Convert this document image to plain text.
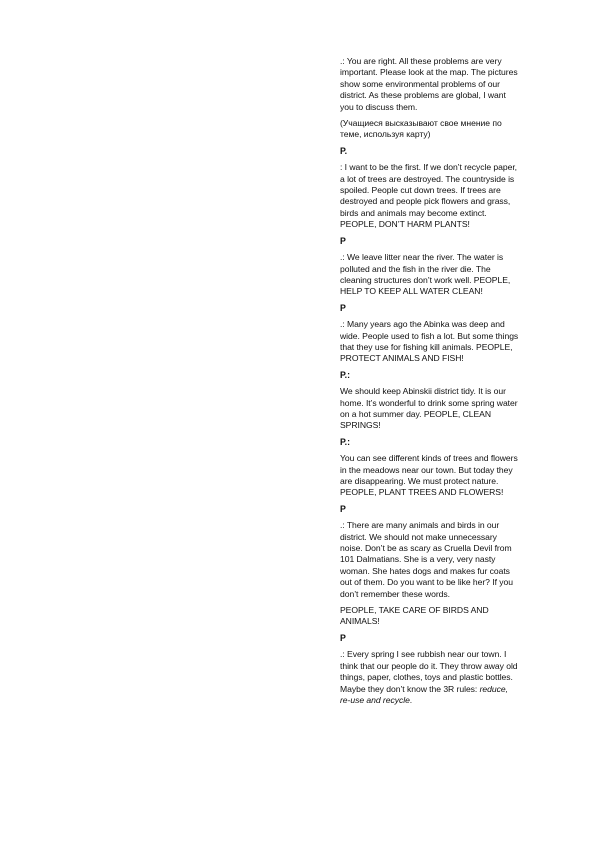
.: You are right. All these problems are very
important. Please look at the map. The pictures
show some environmental problems of our
district. As these problems are global, I want
you to discuss them.

(Учащиеся высказывают свое мнение по
теме, используя карту)

P.

: I want to be the first. If we don’t recycle paper,
a lot of trees are destroyed. The countryside is
spoiled. People cut down trees. If trees are
destroyed and people pick flowers and grass,
birds and animals may become extinct.
PEOPLE, DON’T HARM PLANTS!

P

.: We leave litter near the river. The water is
polluted and the fish in the river die. The
cleaning structures don’t work well. PEOPLE,
HELP TO KEEP ALL WATER CLEAN!

P

.: Many years ago the Abinka was deep and
wide. People used to fish a lot. But some things
that they use for fishing kill animals. PEOPLE,
PROTECT ANIMALS AND FISH!

P.:

We should keep Abinskii district tidy. It is our
home. It’s wonderful to drink some spring water
on a hot summer day. PEOPLE, CLEAN
SPRINGS!

P.:

You can see different kinds of trees and flowers
in the meadows near our town. But today they
are disappearing. We must protect nature.
PEOPLE, PLANT TREES AND FLOWERS!

P

.: There are many animals and birds in our
district. We should not make unnecessary
noise. Don’t be as scary as Cruella Devil from
101 Dalmatians. She is a very, very nasty
woman. She hates dogs and makes fur coats
out of them. Do you want to be like her? If you
don’t remember these words.

PEOPLE, TAKE CARE OF BIRDS AND
ANIMALS!

P

.: Every spring I see rubbish near our town. I
think that our people do it. They throw away old
things, paper, clothes, toys and plastic bottles.
Maybe they don’t know the 3R rules: reduce,
re-use and recycle.
